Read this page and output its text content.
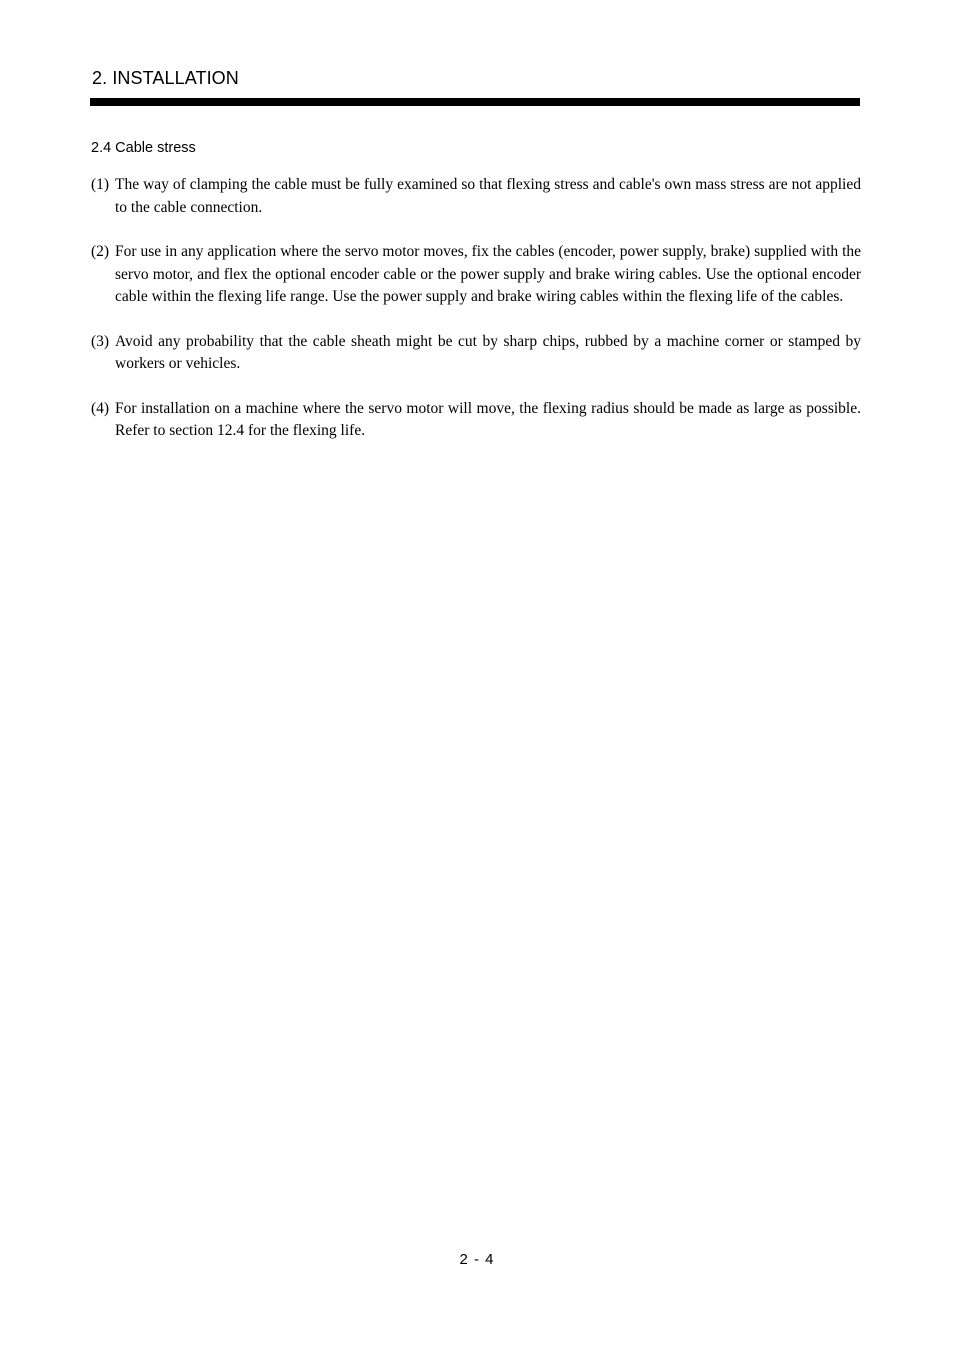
2. INSTALLATION
2.4 Cable stress
(1) The way of clamping the cable must be fully examined so that flexing stress and cable's own mass stress are not applied to the cable connection.
(2) For use in any application where the servo motor moves, fix the cables (encoder, power supply, brake) supplied with the servo motor, and flex the optional encoder cable or the power supply and brake wiring cables. Use the optional encoder cable within the flexing life range. Use the power supply and brake wiring cables within the flexing life of the cables.
(3) Avoid any probability that the cable sheath might be cut by sharp chips, rubbed by a machine corner or stamped by workers or vehicles.
(4) For installation on a machine where the servo motor will move, the flexing radius should be made as large as possible. Refer to section 12.4 for the flexing life.
2 - 4
